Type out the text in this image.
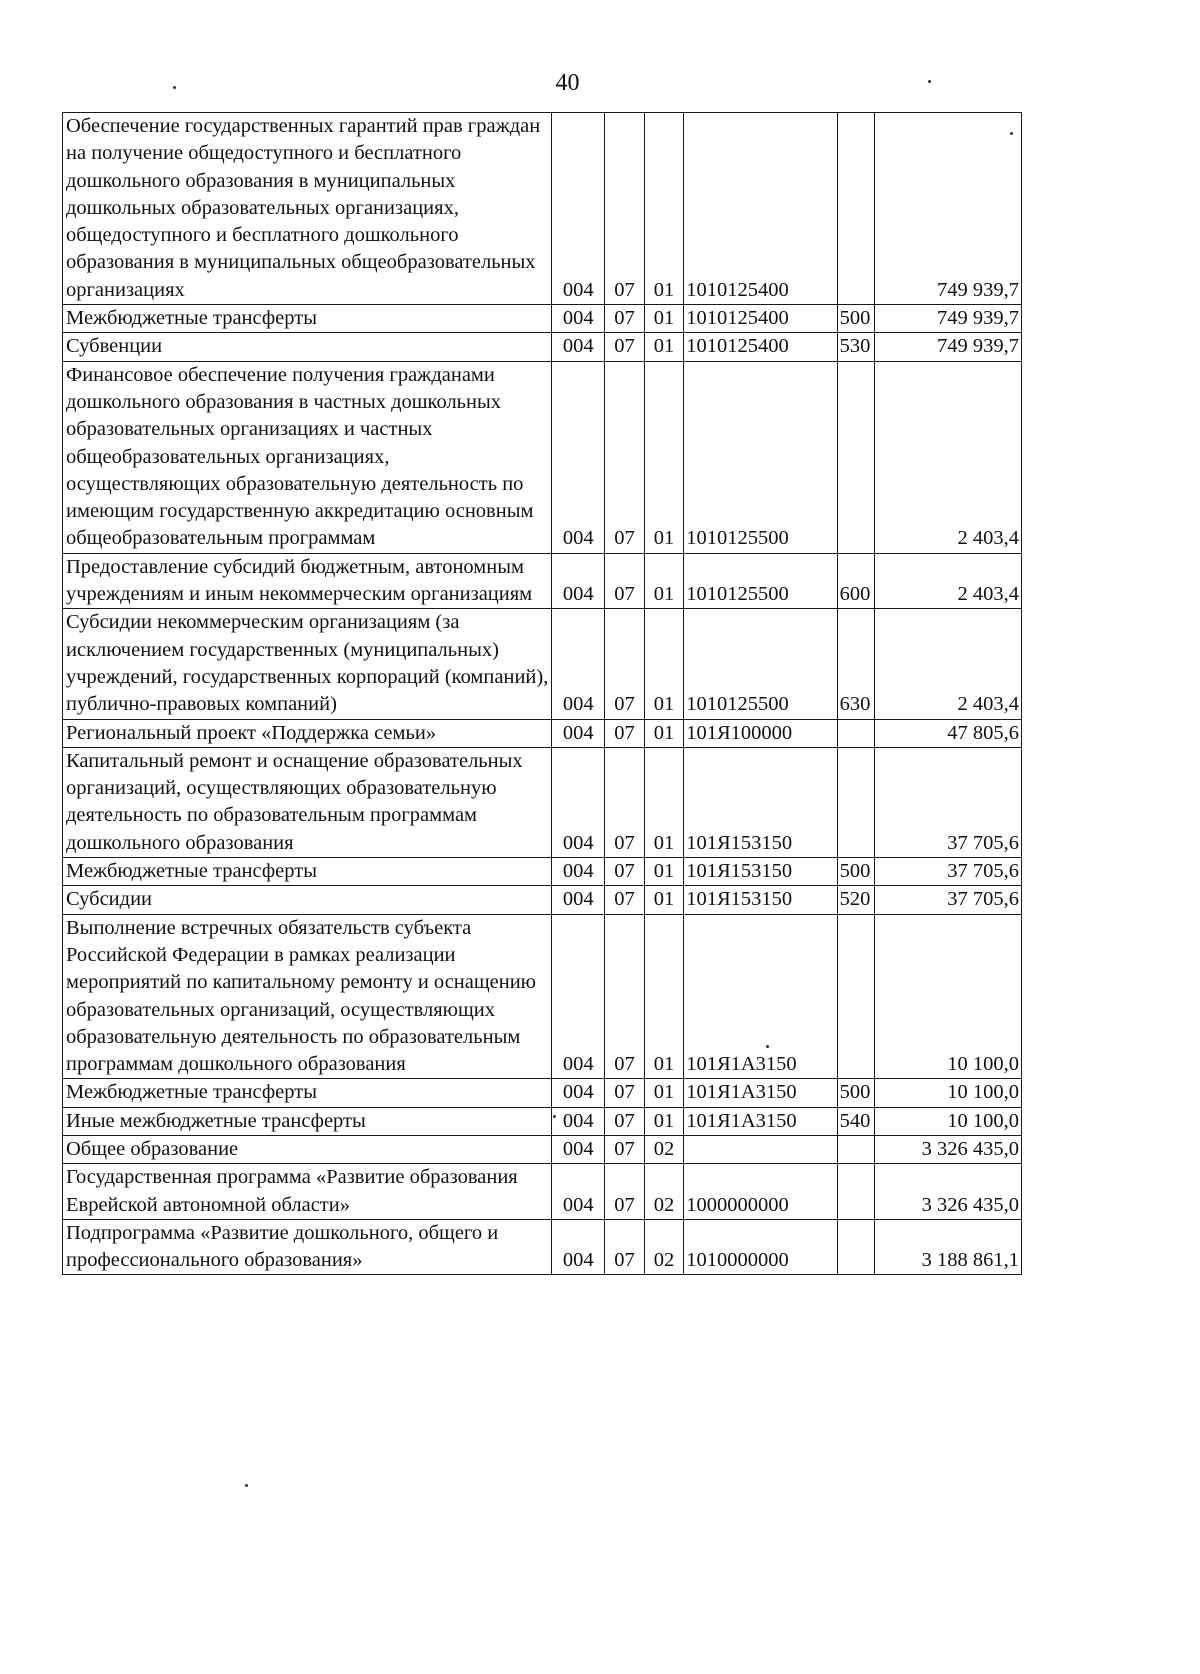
40
Обеспечение государственных гарантий прав граждан на получение общедоступного и бесплатного дошкольного образования в муниципальных дошкольных образовательных организациях, общедоступного и бесплатного дошкольного образования в муниципальных общеобразовательных организациях	004	07	01	1010125400		749 939,7
Межбюджетные трансферты	004	07	01	1010125400	500	749 939,7
Субвенции	004	07	01	1010125400	530	749 939,7
Финансовое обеспечение получения гражданами дошкольного образования в частных дошкольных образовательных организациях и частных общеобразовательных организациях, осуществляющих образовательную деятельность по имеющим государственную аккредитацию основным общеобразовательным программам	004	07	01	1010125500		2 403,4
Предоставление субсидий бюджетным, автономным учреждениям и иным некоммерческим организациям	004	07	01	1010125500	600	2 403,4
Субсидии некоммерческим организациям (за исключением государственных (муниципальных) учреждений, государственных корпораций (компаний), публично-правовых компаний)	004	07	01	1010125500	630	2 403,4
Региональный проект «Поддержка семьи»	004	07	01	101Я100000		47 805,6
Капитальный ремонт и оснащение образовательных организаций, осуществляющих образовательную деятельность по образовательным программам дошкольного образования	004	07	01	101Я153150		37 705,6
Межбюджетные трансферты	004	07	01	101Я153150	500	37 705,6
Субсидии	004	07	01	101Я153150	520	37 705,6
Выполнение встречных обязательств субъекта Российской Федерации в рамках реализации мероприятий по капитальному ремонту и оснащению образовательных организаций, осуществляющих образовательную деятельность по образовательным программам дошкольного образования	004	07	01	101Я1А3150		10 100,0
Межбюджетные трансферты	004	07	01	101Я1А3150	500	10 100,0
Иные межбюджетные трансферты	004	07	01	101Я1А3150	540	10 100,0
Общее образование	004	07	02			3 326 435,0
Государственная программа «Развитие образования Еврейской автономной области»	004	07	02	1000000000		3 326 435,0
Подпрограмма «Развитие дошкольного, общего и профессионального образования»	004	07	02	1010000000		3 188 861,1
